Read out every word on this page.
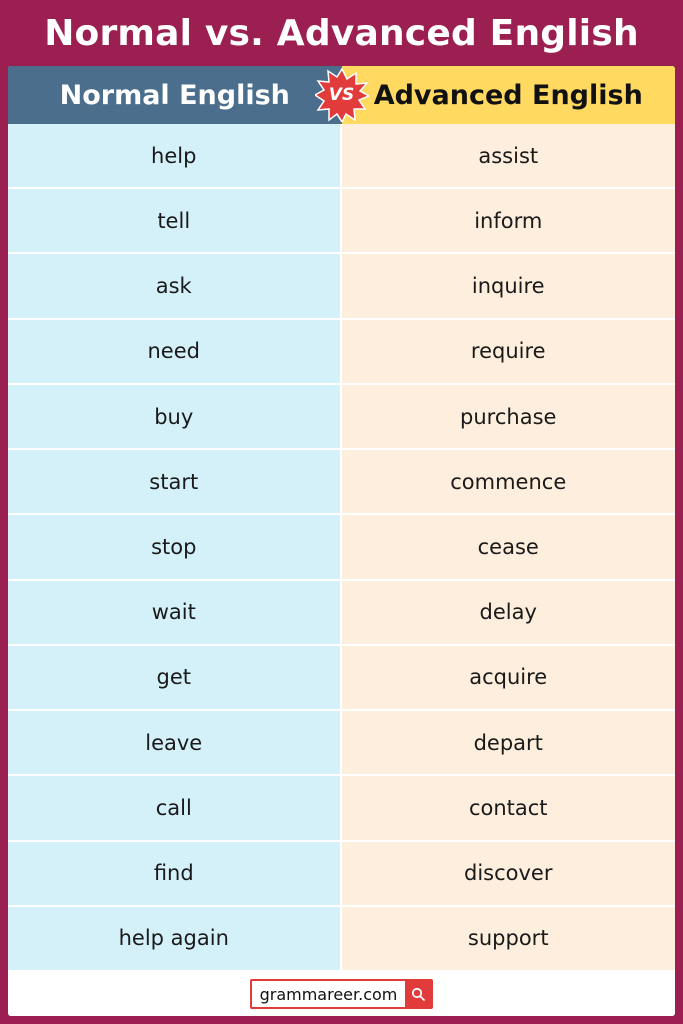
Normal vs. Advanced English
Normal English	Advanced English
VS
help	assist
tell	inform
ask	inquire
need	require
buy	purchase
start	commence
stop	cease
wait	delay
get	acquire
leave	depart
call	contact
find	discover
help again	support
grammareer.com
